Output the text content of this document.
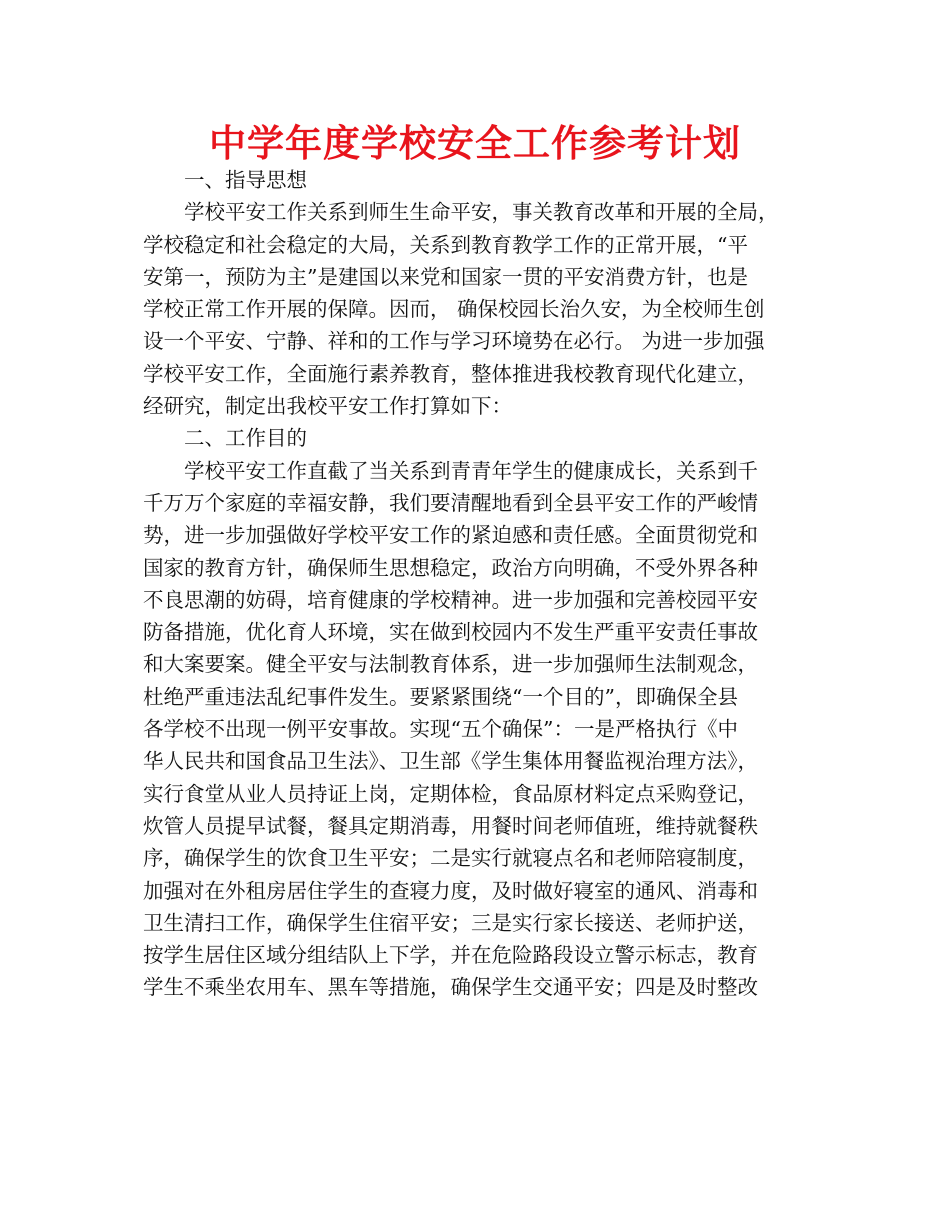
中学年度学校安全工作参考计划
一、指导思想
学校平安工作关系到师生生命平安，事关教育改革和开展的全局，
学校稳定和社会稳定的大局，关系到教育教学工作的正常开展，“平
安第一，预防为主”是建国以来党和国家一贯的平安消费方针，也是
学校正常工作开展的保障。因而， 确保校园长治久安，为全校师生创
设一个平安、宁静、祥和的工作与学习环境势在必行。 为进一步加强
学校平安工作，全面施行素养教育，整体推进我校教育现代化建立，
经研究，制定出我校平安工作打算如下：
二、工作目的
学校平安工作直截了当关系到青青年学生的健康成长，关系到千
千万万个家庭的幸福安静，我们要清醒地看到全县平安工作的严峻情
势，进一步加强做好学校平安工作的紧迫感和责任感。全面贯彻党和
国家的教育方针，确保师生思想稳定，政治方向明确，不受外界各种
不良思潮的妨碍，培育健康的学校精神。进一步加强和完善校园平安
防备措施，优化育人环境，实在做到校园内不发生严重平安责任事故
和大案要案。健全平安与法制教育体系，进一步加强师生法制观念，
杜绝严重违法乱纪事件发生。要紧紧围绕“一个目的”，即确保全县
各学校不出现一例平安事故。实现“五个确保”：一是严格执行《中
华人民共和国食品卫生法》、卫生部《学生集体用餐监视治理方法》，
实行食堂从业人员持证上岗，定期体检，食品原材料定点采购登记，
炊管人员提早试餐，餐具定期消毒，用餐时间老师值班，维持就餐秩
序，确保学生的饮食卫生平安；二是实行就寝点名和老师陪寝制度，
加强对在外租房居住学生的查寝力度，及时做好寝室的通风、消毒和
卫生清扫工作，确保学生住宿平安；三是实行家长接送、老师护送，
按学生居住区域分组结队上下学，并在危险路段设立警示标志，教育
学生不乘坐农用车、黑车等措施，确保学生交通平安；四是及时整改
